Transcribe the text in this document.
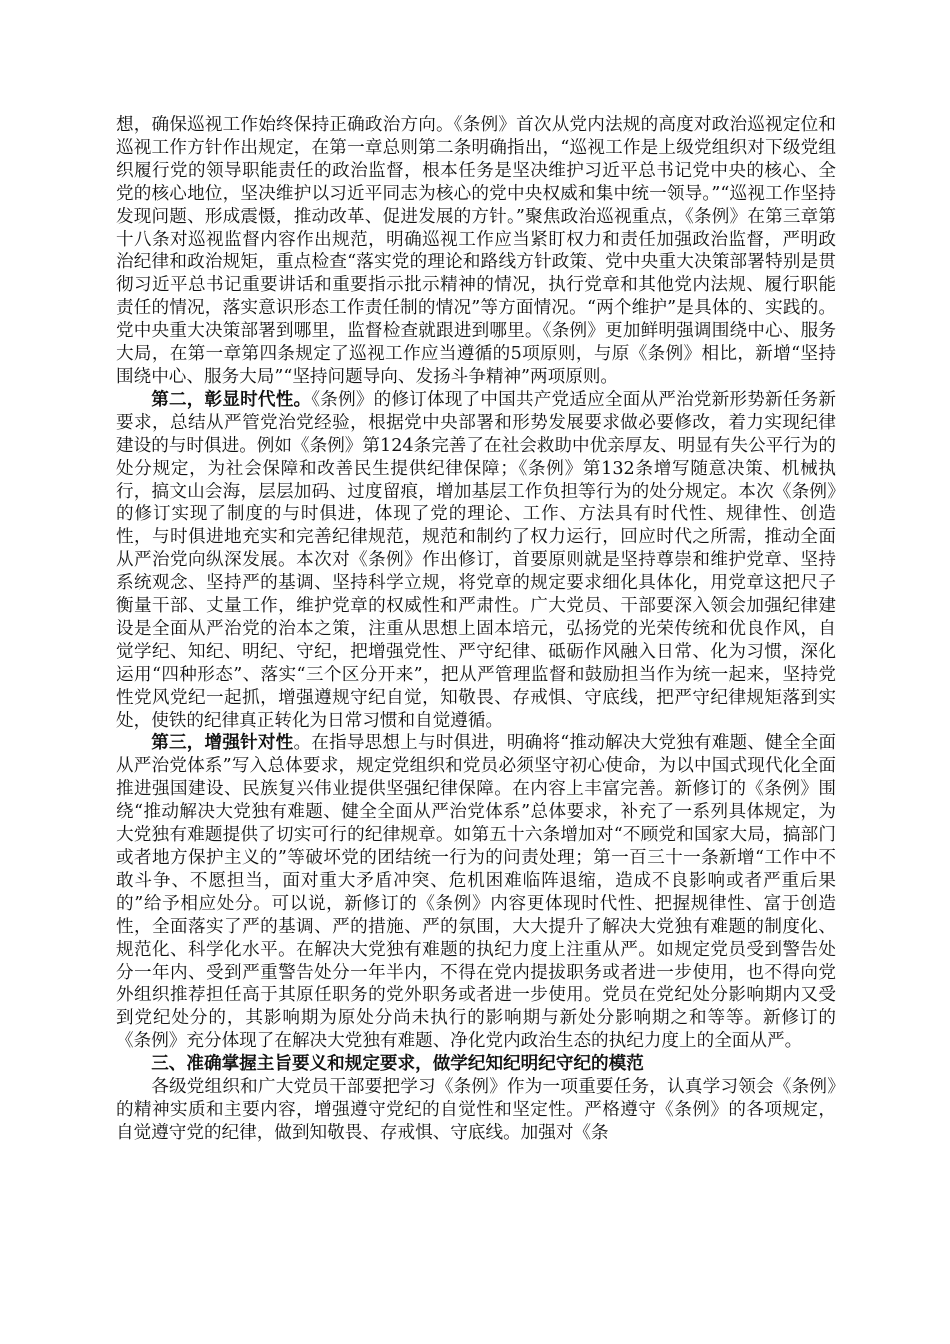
想，确保巡视工作始终保持正确政治方向。《条例》首次从党内法规的高度对政治巡视定位和巡视工作方针作出规定，在第一章总则第二条明确指出，“巡视工作是上级党组织对下级党组织履行党的领导职能责任的政治监督，根本任务是坚决维护习近平总书记党中央的核心、全党的核心地位，坚决维护以习近平同志为核心的党中央权威和集中统一领导。”“巡视工作坚持发现问题、形成震慑，推动改革、促进发展的方针。”聚焦政治巡视重点，《条例》在第三章第十八条对巡视监督内容作出规范，明确巡视工作应当紧盯权力和责任加强政治监督，严明政治纪律和政治规矩，重点检查“落实党的理论和路线方针政策、党中央重大决策部署特别是贯彻习近平总书记重要讲话和重要指示批示精神的情况，执行党章和其他党内法规、履行职能责任的情况，落实意识形态工作责任制的情况”等方面情况。“两个维护”是具体的、实践的。党中央重大决策部署到哪里，监督检查就跟进到哪里。《条例》更加鲜明强调围绕中心、服务大局，在第一章第四条规定了巡视工作应当遵循的5项原则，与原《条例》相比，新增“坚持围绕中心、服务大局”“坚持问题导向、发扬斗争精神”两项原则。

第二，彰显时代性。《条例》的修订体现了中国共产党适应全面从严治党新形势新任务新要求，总结从严管党治党经验，根据党中央部署和形势发展要求做必要修改，着力实现纪律建设的与时俱进。例如《条例》第124条完善了在社会救助中优亲厚友、明显有失公平行为的处分规定，为社会保障和改善民生提供纪律保障；《条例》第132条增写随意决策、机械执行，搞文山会海，层层加码、过度留痕，增加基层工作负担等行为的处分规定。本次《条例》的修订实现了制度的与时俱进，体现了党的理论、工作、方法具有时代性、规律性、创造性，与时俱进地充实和完善纪律规范，规范和制约了权力运行，回应时代之所需，推动全面从严治党向纵深发展。本次对《条例》作出修订，首要原则就是坚持尊崇和维护党章、坚持系统观念、坚持严的基调、坚持科学立规，将党章的规定要求细化具体化，用党章这把尺子衡量干部、丈量工作，维护党章的权威性和严肃性。广大党员、干部要深入领会加强纪律建设是全面从严治党的治本之策，注重从思想上固本培元，弘扬党的光荣传统和优良作风，自觉学纪、知纪、明纪、守纪，把增强党性、严守纪律、砥砺作风融入日常、化为习惯，深化运用“四种形态”、落实“三个区分开来”，把从严管理监督和鼓励担当作为统一起来，坚持党性党风党纪一起抓，增强遵规守纪自觉，知敬畏、存戒惧、守底线，把严守纪律规矩落到实处，使铁的纪律真正转化为日常习惯和自觉遵循。

第三，增强针对性。在指导思想上与时俱进，明确将“推动解决大党独有难题、健全全面从严治党体系”写入总体要求，规定党组织和党员必须坚守初心使命，为以中国式现代化全面推进强国建设、民族复兴伟业提供坚强纪律保障。在内容上丰富完善。新修订的《条例》围绕“推动解决大党独有难题、健全全面从严治党体系”总体要求，补充了一系列具体规定，为大党独有难题提供了切实可行的纪律规章。如第五十六条增加对“不顾党和国家大局，搞部门或者地方保护主义的”等破坏党的团结统一行为的问责处理；第一百三十一条新增“工作中不敢斗争、不愿担当，面对重大矛盾冲突、危机困难临阵退缩，造成不良影响或者严重后果的”给予相应处分。可以说，新修订的《条例》内容更体现时代性、把握规律性、富于创造性，全面落实了严的基调、严的措施、严的氛围，大大提升了解决大党独有难题的制度化、规范化、科学化水平。在解决大党独有难题的执纪力度上注重从严。如规定党员受到警告处分一年内、受到严重警告处分一年半内，不得在党内提拔职务或者进一步使用，也不得向党外组织推荐担任高于其原任职务的党外职务或者进一步使用。党员在党纪处分影响期内又受到党纪处分的，其影响期为原处分尚未执行的影响期与新处分影响期之和等等。新修订的《条例》充分体现了在解决大党独有难题、净化党内政治生态的执纪力度上的全面从严。

三、准确掌握主旨要义和规定要求，做学纪知纪明纪守纪的模范

各级党组织和广大党员干部要把学习《条例》作为一项重要任务，认真学习领会《条例》的精神实质和主要内容，增强遵守党纪的自觉性和坚定性。严格遵守《条例》的各项规定，自觉遵守党的纪律，做到知敬畏、存戒惧、守底线。加强对《条
